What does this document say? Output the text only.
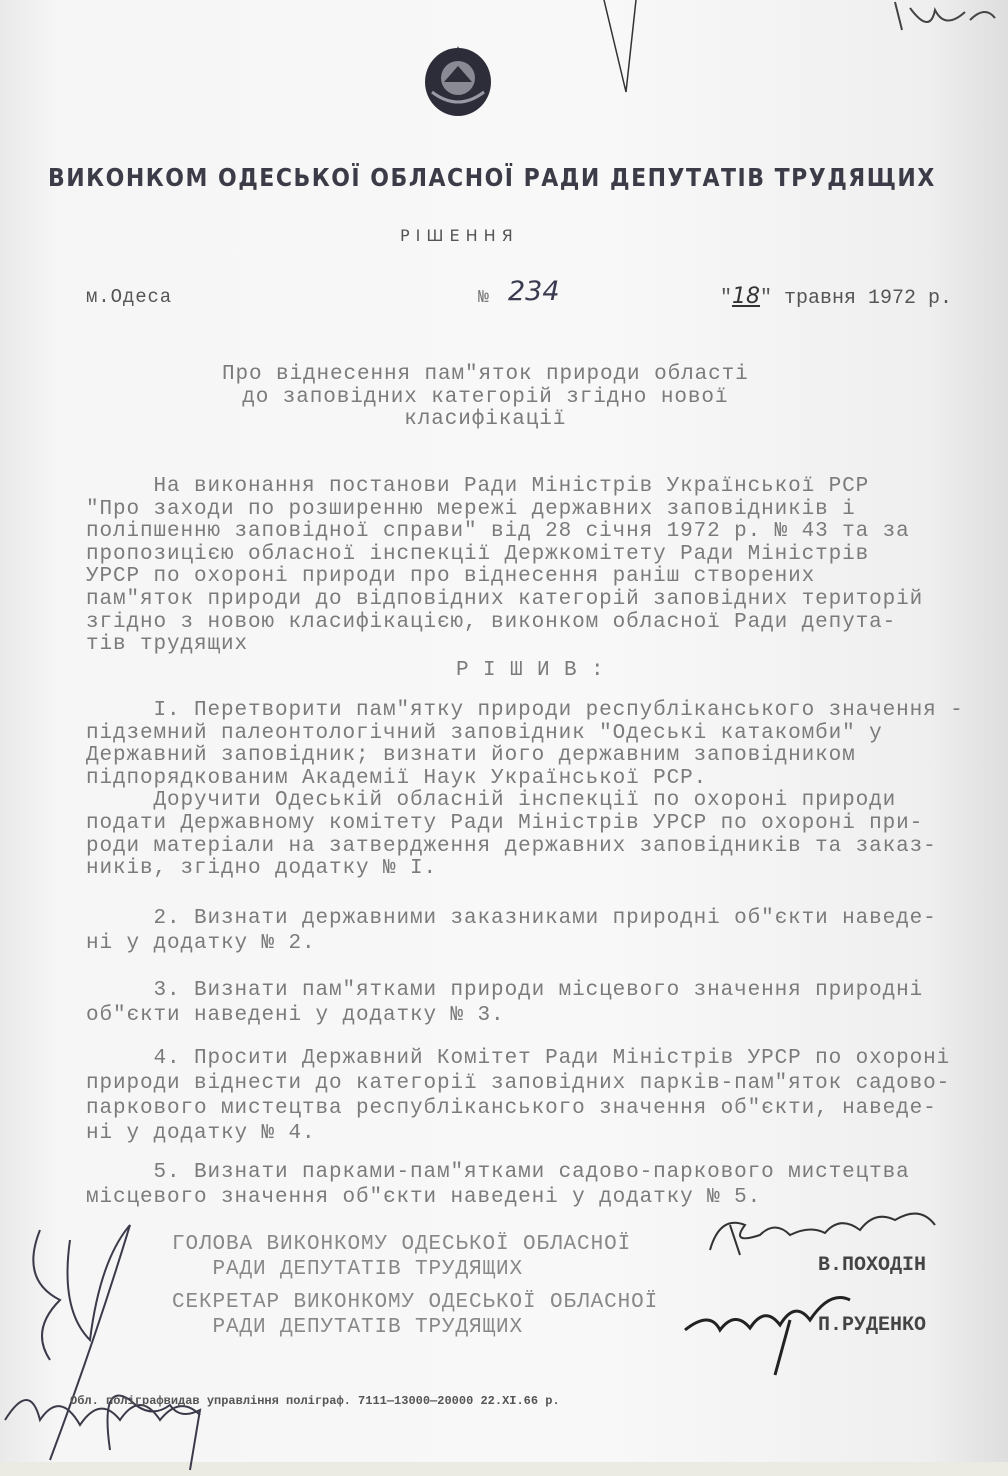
ВИКОНКОМ ОДЕСЬКОЇ ОБЛАСНОЇ РАДИ ДЕПУТАТІВ ТРУДЯЩИХ
РІШЕННЯ
м.Одеса	№ 234	"18" травня 1972 р.
Про віднесення пам"яток природи області
до заповідних категорій згідно нової
класифікації
На виконання постанови Ради Міністрів Української РСР
"Про заходи по розширенню мережі державних заповідників і
поліпшенню заповідної справи" від 28 січня 1972 р. № 43 та за
пропозицією обласної інспекції Держкомітету Ради Міністрів
УРСР по охороні природи про віднесення раніш створених
пам"яток природи до відповідних категорій заповідних територій
згідно з новою класифікацією, виконком обласної Ради депута-
тів трудящих
Р І Ш И В :
І. Перетворити пам"ятку природи республіканського значення -
підземний палеонтологічний заповідник "Одеські катакомби" у
Державний заповідник; визнати його державним заповідником
підпорядкованим Академії Наук Української РСР.
Доручити Одеській обласній інспекції по охороні природи
подати Державному комітету Ради Міністрів УРСР по охороні при-
роди матеріали на затвердження державних заповідників та заказ-
ників, згідно додатку № І.
2. Визнати державними заказниками природні об"єкти наведе-
ні у додатку № 2.
3. Визнати пам"ятками природи місцевого значення природні
об"єкти наведені у додатку № 3.
4. Просити Державний Комітет Ради Міністрів УРСР по охороні
природи віднести до категорії заповідних парків-пам"яток садово-
паркового мистецтва республіканського значення об"єкти, наведе-
ні у додатку № 4.
5. Визнати парками-пам"ятками садово-паркового мистецтва
місцевого значення об"єкти наведені у додатку № 5.
ГОЛОВА ВИКОНКОМУ ОДЕСЬКОЇ ОБЛАСНОЇ
РАДИ ДЕПУТАТІВ ТРУДЯЩИХ	В.ПОХОДІН
СЕКРЕТАР ВИКОНКОМУ ОДЕСЬКОЇ ОБЛАСНОЇ
РАДИ ДЕПУТАТІВ ТРУДЯЩИХ	П.РУДЕНКО
Обл. поліграфвидав управління поліграф. 7111—13000—20000 22.XI.66 р.
